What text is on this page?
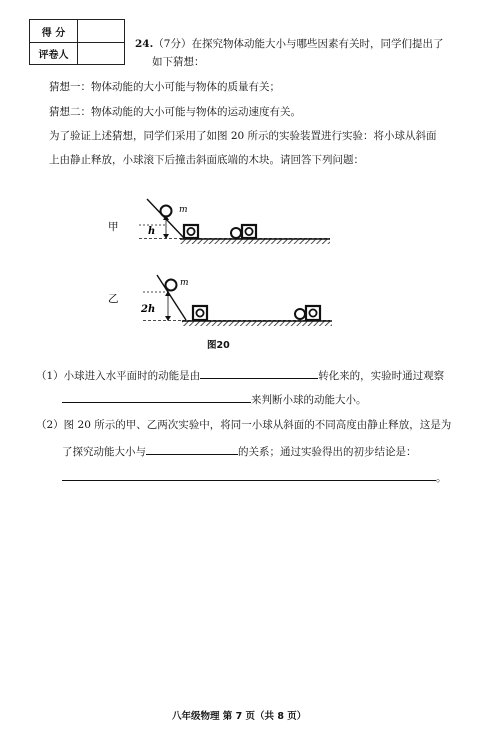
得 分
评卷人
24.（7分）在探究物体动能大小与哪些因素有关时，同学们提出了
如下猜想：
猜想一：物体动能的大小可能与物体的质量有关；
猜想二：物体动能的大小可能与物体的运动速度有关。
为了验证上述猜想，同学们采用了如图 20 所示的实验装置进行实验：将小球从斜面
上由静止释放，小球滚下后撞击斜面底端的木块。请回答下列问题：
甲
m
h
乙
m
2h
图20
（1）小球进入水平面时的动能是由	转化来的，实验时通过观察
来判断小球的动能大小。
（2）图 20 所示的甲、乙两次实验中，将同一小球从斜面的不同高度由静止释放，这是为
了探究动能大小与	的关系；通过实验得出的初步结论是：
。
八年级物理 第 7 页（共 8 页）
